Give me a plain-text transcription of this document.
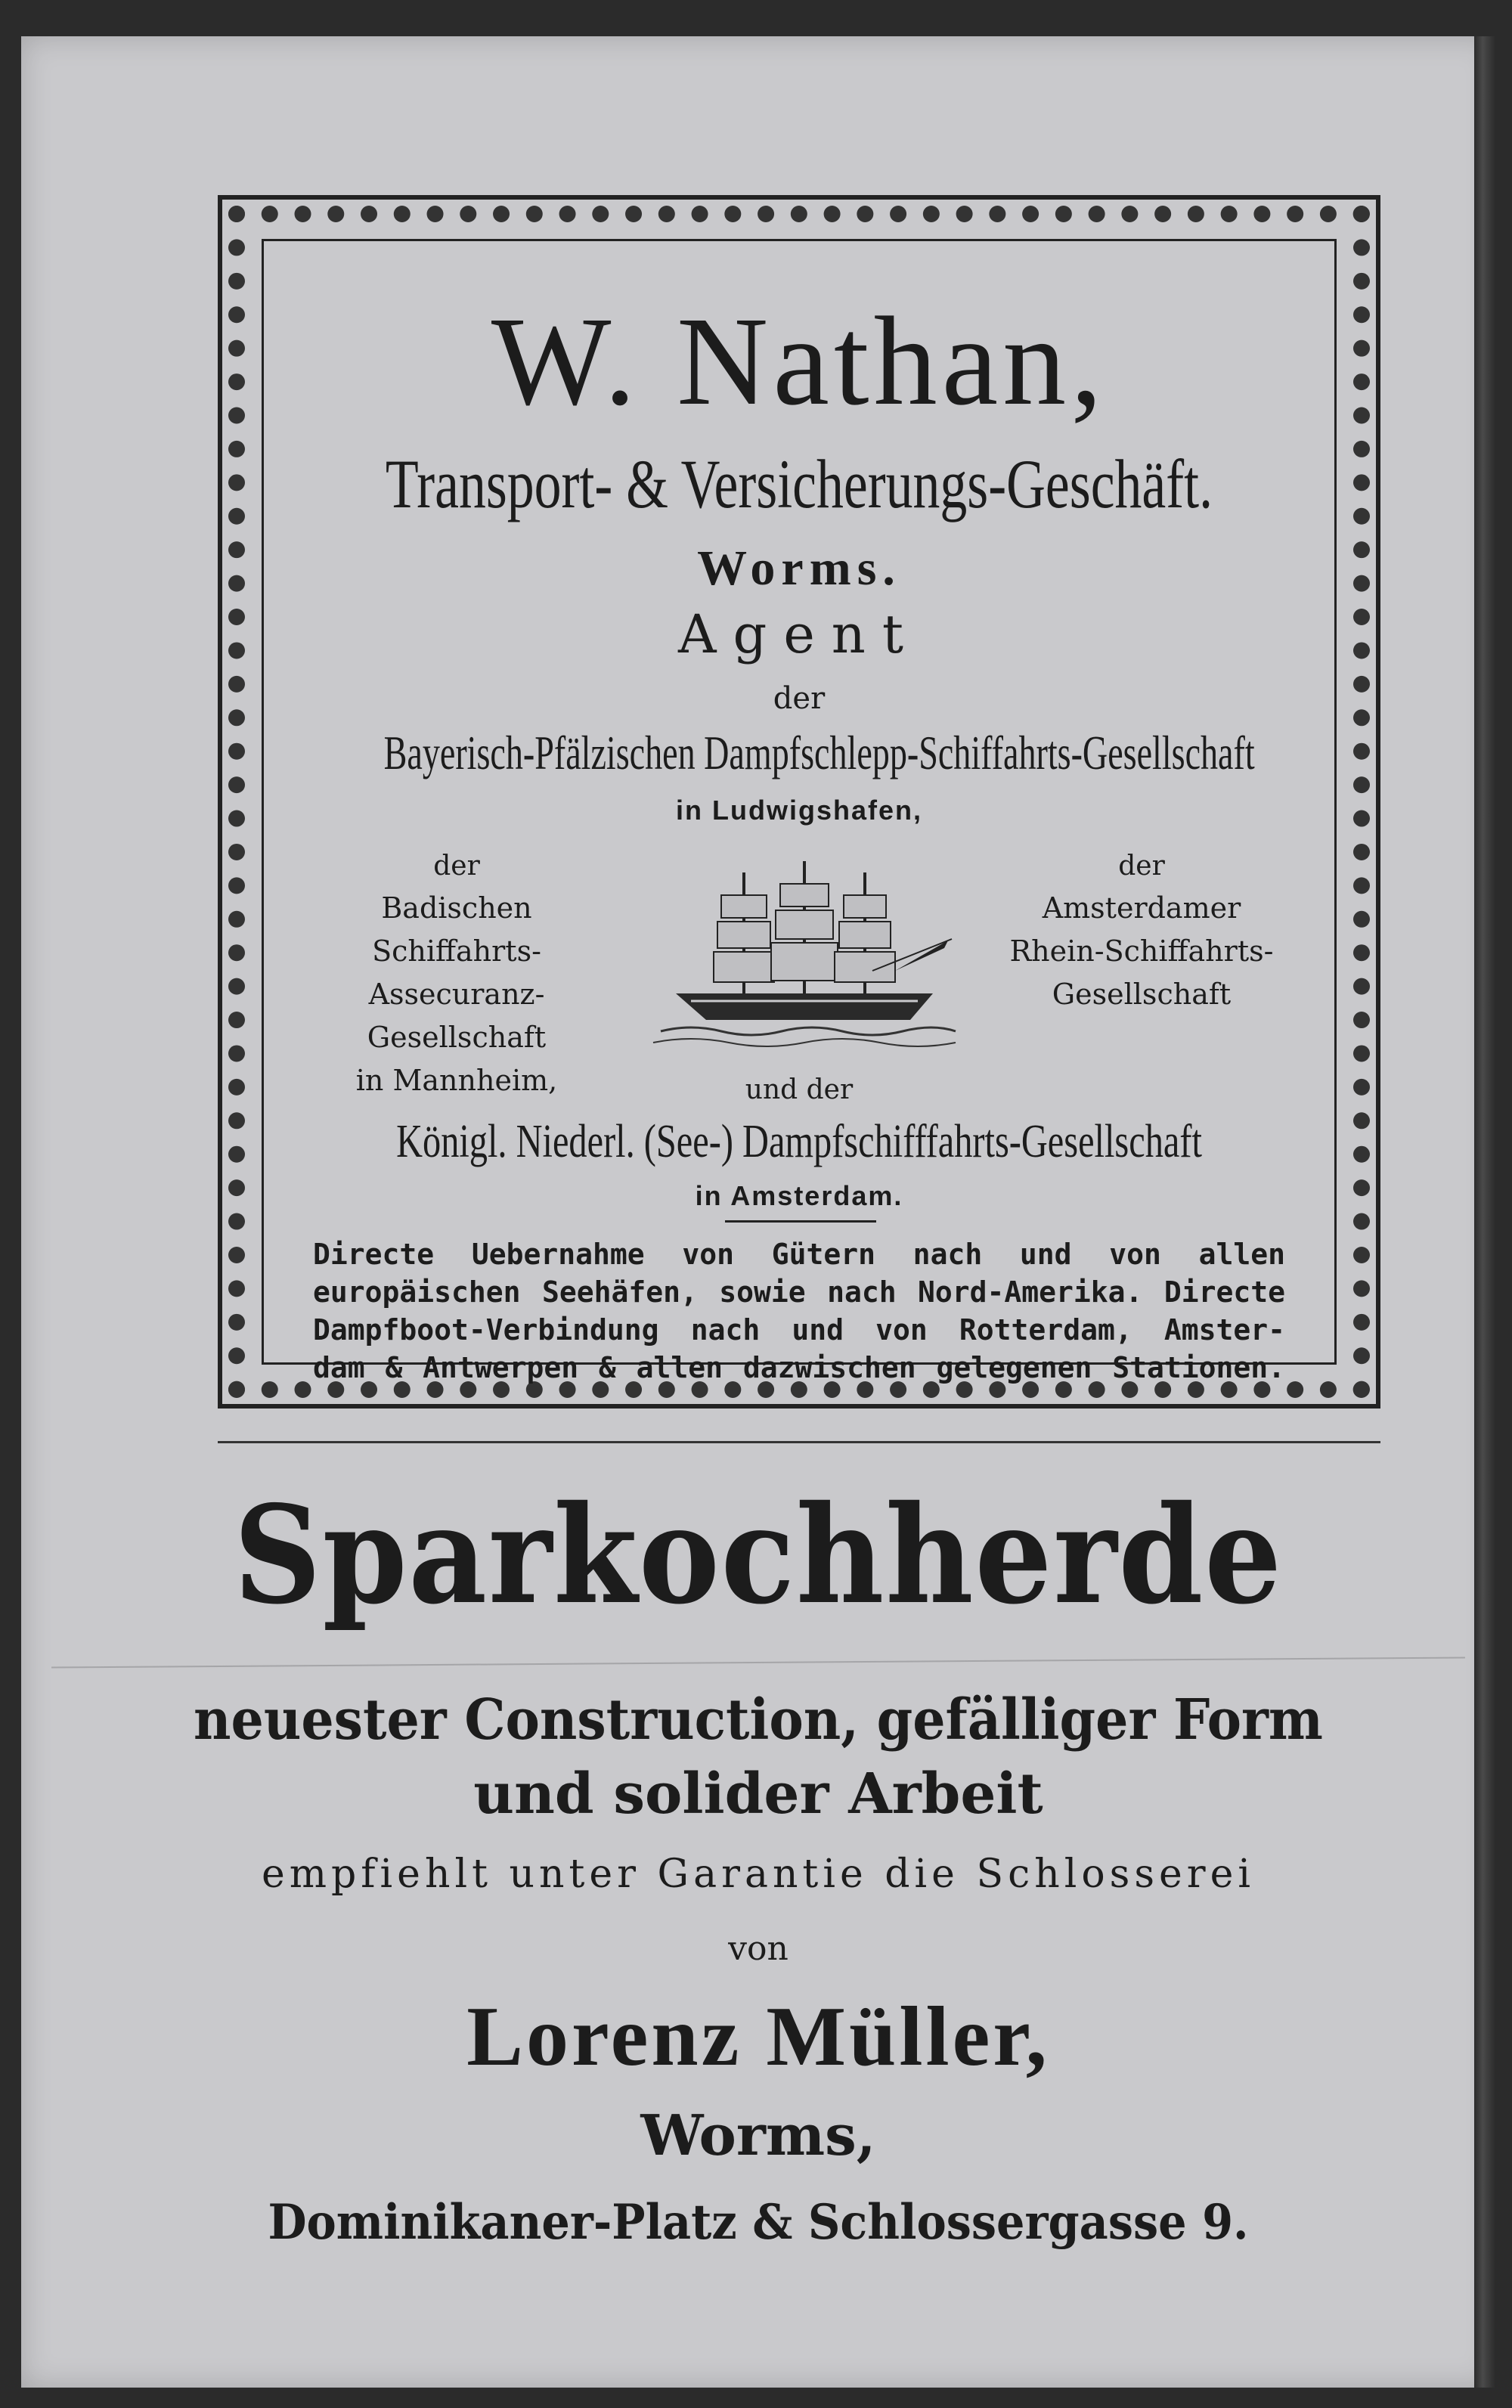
W. Nathan,
Transport- & Versicherungs-Geschäft.
Worms.
Agent
der
Bayerisch-Pfälzischen Dampfschlepp-Schiffahrts-Gesellschaft
in Ludwigshafen,
der
Badischen Schiffahrts-
Assecuranz-Gesellschaft
in Mannheim,
der
Amsterdamer
Rhein-Schiffahrts-
Gesellschaft
und der
Königl. Niederl. (See-) Dampfschifffahrts-Gesellschaft
in Amsterdam.
Directe Uebernahme von Gütern nach und von allen
europäischen Seehäfen, sowie nach Nord-Amerika. Directe
Dampfboot-Verbindung nach und von Rotterdam, Amster-
dam & Antwerpen & allen dazwischen gelegenen Stationen.
Sparkochherde
neuester Construction, gefälliger Form
und solider Arbeit
empfiehlt unter Garantie die Schlosserei
von
Lorenz Müller,
Worms,
Dominikaner-Platz & Schlossergasse 9.
